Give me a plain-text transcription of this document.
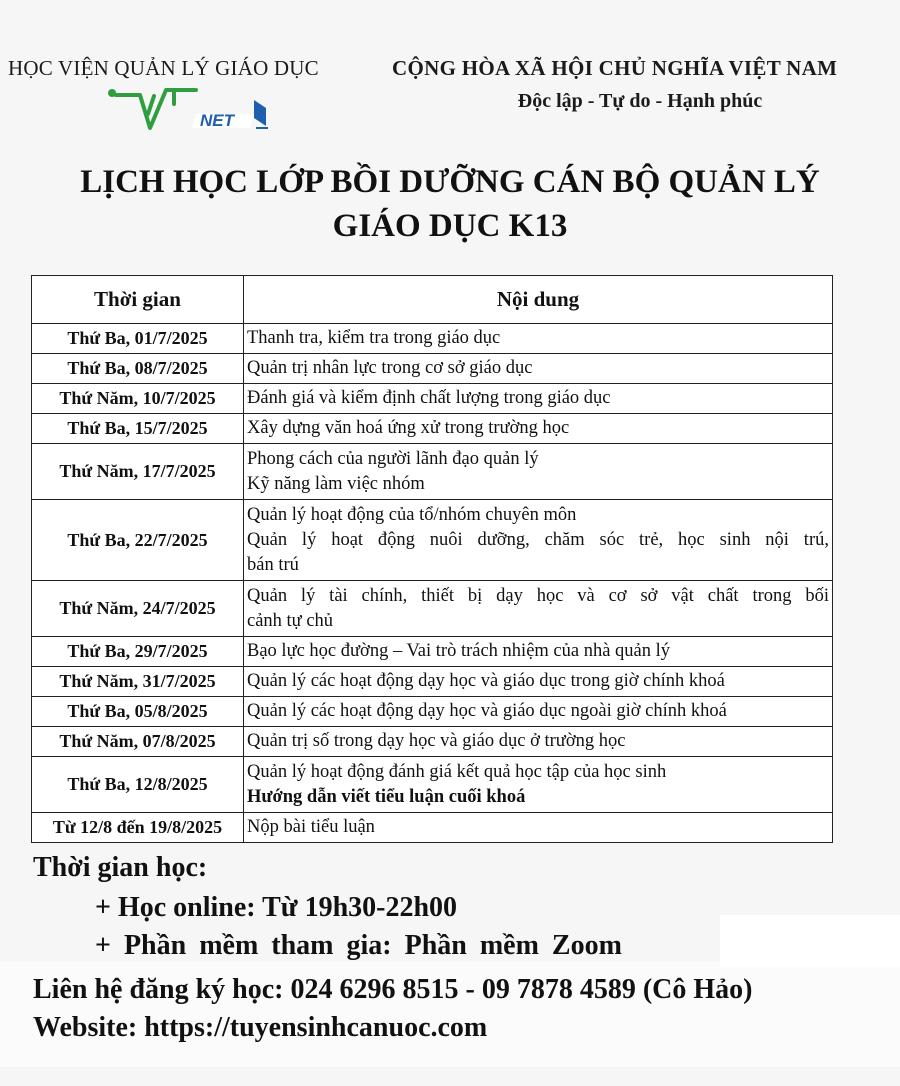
HỌC VIỆN QUẢN LÝ GIÁO DỤC
NET
CỘNG HÒA XÃ HỘI CHỦ NGHĨA VIỆT NAM
Độc lập - Tự do - Hạnh phúc
LỊCH HỌC LỚP BỒI DƯỠNG CÁN BỘ QUẢN LÝ
GIÁO DỤC K13
Thời gian	Nội dung
Thứ Ba, 01/7/2025	Thanh tra, kiểm tra trong giáo dục

Thứ Ba, 08/7/2025	Quản trị nhân lực trong cơ sở giáo dục

Thứ Năm, 10/7/2025	Đánh giá và kiểm định chất lượng trong giáo dục

Thứ Ba, 15/7/2025	Xây dựng văn hoá ứng xử trong trường học

Thứ Năm, 17/7/2025	Phong cách của người lãnh đạo quản lý
Kỹ năng làm việc nhóm

Thứ Ba, 22/7/2025	Quản lý hoạt động của tổ/nhóm chuyên môn
Quản lý hoạt động nuôi dưỡng, chăm sóc trẻ, học sinh nội trú,
bán trú

Thứ Năm, 24/7/2025	Quản lý tài chính, thiết bị dạy học và cơ sở vật chất trong bối
cảnh tự chủ

Thứ Ba, 29/7/2025	Bạo lực học đường – Vai trò trách nhiệm của nhà quản lý

Thứ Năm, 31/7/2025	Quản lý các hoạt động dạy học và giáo dục trong giờ chính khoá

Thứ Ba, 05/8/2025	Quản lý các hoạt động dạy học và giáo dục ngoài giờ chính khoá

Thứ Năm, 07/8/2025	Quản trị số trong dạy học và giáo dục ở trường học

Thứ Ba, 12/8/2025	Quản lý hoạt động đánh giá kết quả học tập của học sinh
Hướng dẫn viết tiểu luận cuối khoá

Từ 12/8 đến 19/8/2025	Nộp bài tiểu luận
Thời gian học:
+ Học online: Từ 19h30-22h00
+ Phần mềm tham gia: Phần mềm Zoom
Liên hệ đăng ký học: 024 6296 8515 - 09 7878 4589 (Cô Hảo)
Website: https://tuyensinhcanuoc.com
